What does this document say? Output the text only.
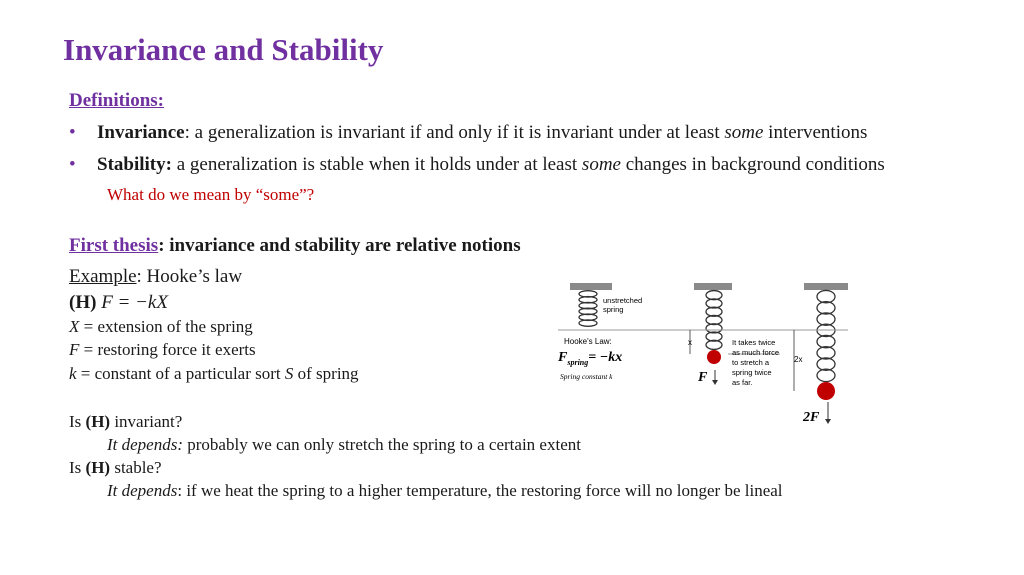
Invariance and Stability
Definitions:
• Invariance: a generalization is invariant if and only if it is invariant under at least some interventions
• Stability: a generalization is stable when it holds under at least some changes in background conditions
What do we mean by “some”?
First thesis: invariance and stability are relative notions
Example: Hooke’s law
(H) F = −kX
X = extension of the spring
F = restoring force it exerts
k = constant of a particular sort S of spring
Is (H) invariant?
It depends: probably we can only stretch the spring to a certain extent
Is (H) stable?
It depends: if we heat the spring to a higher temperature, the restoring force will no longer be lineal
x
2x
unstretched
spring
Hooke's Law:
$F_{spring}= -kx$
Spring constant k	F
It takes twice
as much force
to stretch a
spring twice
as far.
2F
